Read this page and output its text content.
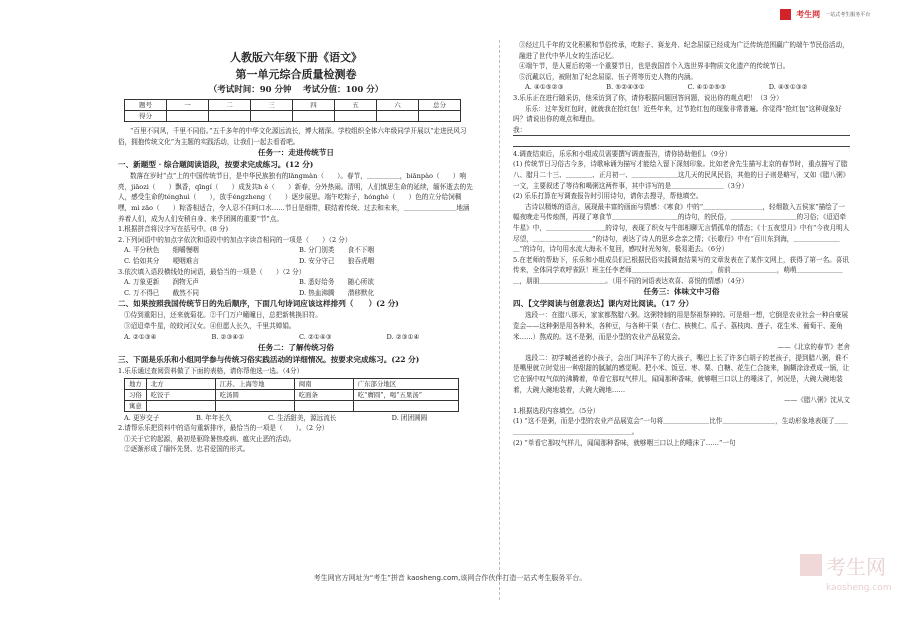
考生网 一站式考生服务平台
人教版六年级下册《语文》
第一单元综合质量检测卷
（考试时间：90 分钟　 考试分值：100 分）
题号	一	二	三	四	五	六	总分
得分							

“百里不同风，千里不同俗。”五千多年的中华文化源远流长，博大精深。学校组织全体六年级同学开展以“走进民风习俗，拥抱传统文化”为主题的实践活动，让我们一起去看看吧。

任务一：走进传统节日
一、新题型 · 综合题阅读语段，按要求完成练习。(12 分)

数落在岁时“点”上的中国传统节日，是中华民族独有的lǎngmàn（　　）。春节，＿＿＿＿＿，biānpào（　　）响亮，jiāozi（　　）飘香，qīngí（　　）成发共h ě（　　）新春，分外热闹。清明，人们慎思生命的延续，缅怀逝去的先人，感受生命的ténghuì（　　），放手éngzheng（　　）逐步展思。端午吃粽子，hónghè（　　）色的立分给饲稠嘿，mì zāo（　　）粽香相适合，令人忍不住呵口水……节日是细带，联结着传统、过去和未来，＿＿＿＿＿＿＿＿地涵养着人们，成为人们安稍自身、来乎团圆的重要“节”点。

1.根据拼音将汉字写在括号中。(8 分)

2.下列词语中的加点字依次和语段中的加点字读音相同的一项是（　　）（2 分）

A. 平分秋色　　细嚼慢咽	B. 分门别类　　食不下咽
C. 恰如其分　　哽咽难言	D. 安分守己　　狼吞虎咽

3.依次填入语段横线处的词语，最恰当的一项是（　　）（2 分）

A. 万象更新　　润物无声	B. 悉好给务　　随心所欲
C. 万不得已　　截然不同	D. 热血沸腾　　潜移默化
二、如果按照我国传统节日的先后顺序，下面几句诗词应该这样排列（　　）(2 分)

①侍到重阳日，还来就菊花。②千门万户曈曈日，总把新桃换旧符。

③迢迢牵牛星，皎皎河汉女。④但愿人长久，千里共婵娟。

A. ②①③④	B. ②③④①	C. ②①④③	D. ②③①④
任务二：了解传统习俗
三、下面是乐乐和小组同学参与传统习俗实践活动的详细情况。按要求完成练习。(22 分)

1.乐乐通过查阅资料做了下面的表格，请你帮他选一选。（4分）

地方	北方	江苏、上海等地	闽南	广东部分地区
习俗	吃饺子	吃汤圆	吃面条	吃“膺圆”，喝“五果汤”
寓意				
A. 更岁交子	B. 年年长久	C. 生活甜美，源远流长	D. 团团圆圆

2.请帮乐乐把资料中的语句重新排序，最恰当的一项是（　　）。（2 分）

①关于它的起源，最初是驱除暑热疫病、瘟灾止恶的活动。

②逐渐形成了缅怀先贤、忠君爱国的形式。

③经过几千年的文化积累和节俗传承，吃粽子、赛龙舟、纪念屈原已经成为广泛传统范围赢广的端午节民俗活动，融进了世代中华儿女的生活记忆。

④端午节，是人夏后的第一个重要节日，也是我国首个入选世界非物质文化遗产的传统节日。

⑤沉戴以后，被附加了纪念屈原、伍子胥等历史人物的内涵。

A. ④①⑤②③	B. ⑤②④③①	C. ④①②⑤③	D. ④⑤①③②

3.乐乐正在进行随采访，他采访到了你，请你根据问题回答问题，说出你的观点吧！（3 分）

乐乐：过年发红包时，就就我在抢红包！近些年来，过节抢红包的现象非常普遍。你觉得“抢红包”这种现象好吗？请说出你的观点和理由。

我：

4.调查结束后，乐乐和小组成员需要撰写调查报告，请你协助他们。（9分）

(1) 传统节日习俗古今多，诗歌咏诵为描写才能绘入留下深刻印象。比如老舍先生描写北京的春节时，重点描写了腊八、腊月二十三、＿＿＿＿、正月初一、＿＿＿＿＿＿＿这几天的民风民俗，其他的日子则是略写，又如《腊八粥》一文，主要叙述了等待和喝粥这两件事，其中详写的是＿＿＿＿＿＿＿＿（3分）

(2) 乐乐打算在写调查报告时引用诗句，请你去搜寻，帮他填空。

古诗以精炼的语言，展现最丰富的画面与情感：《寒食》中的“＿＿＿＿＿＿＿＿＿，轻烟散入五侯家”描绘了一幅夜晚走马传烛图，再现了寒食节＿＿＿＿＿＿＿＿＿＿的诗句，的民俗，＿＿＿＿＿＿＿＿＿＿的习俗；《迢迢牵牛星》中，＿＿＿＿＿＿＿＿＿的诗句，表现了织女与牛郎相聊无言情孤单的情态；《十五夜望月》中有“今夜月明人尽望，＿＿＿＿＿＿＿＿＿”的诗句，表达了诗人的思乡念亲之情；《长歌行》中有“百川东到海，＿＿＿＿＿＿＿＿”的诗句，诗句用水流大海永不复回，感叹时光匆匆，极易逝去。（6分）

5.在老师的帮助下，乐乐和小组成员们已根据民俗实践调查结果写的文章发表在了某作文网上，获得了第一名。喜讯传来，全体同学欢呼雀跃！班主任李老师＿＿＿＿＿＿＿＿＿＿＿＿，前前＿＿＿＿＿＿＿，萌萌＿＿＿＿＿＿＿＿，朋朋＿＿＿＿＿＿＿＿＿＿。（用不同的词语表达欢喜、喜悦的情感）（4分）

任务三：体味文中习俗
四、【文学阅读与创意表达】课内对比阅读。（17 分）

选段一：在腊八那天，家家都熬腊八粥。这粥特制的用是祭祖祭神的。可是细一想，它倒是农业社会一种自豪展览会——这种粥是用各种米，各种豆，与各种干果（杏仁、核桃仁、瓜子、荔枝肉、莲子、花生米、葡萄干、菱角米……）熬成的。这不是粥，而是小型的农业产品展览会。

——《北京的春节》老舍

选段二：初学喊爸爸的小孩子，会出门叫洋车了的大孩子，嘴巴上长了许多白胡子的老孩子，提到腊八粥，谁不是嘴里就立时觉出一种甜甜的腻腻的感觉呢。把小米、饭豆、枣、栗、白糖、花生仁合拢来，搁糊涂涂煮成一锅，让它在锅中叹气似的沸腾着，单看它那叹气样儿，闻闻那种香味，就够咽三口以上的唾沫了，何况是，大碗大碗地装着，大碗大碗地装着，大碗大碗地……

——《腊八粥》沈从文

1.根据选段内容填空。（5分）

(1) “这不是粥，而是小型的农业产品展览会”一句将＿＿＿＿＿＿＿比作＿＿＿＿＿＿＿＿，生动形象地表现了＿＿＿＿＿＿＿＿＿＿＿＿＿＿＿＿＿＿＿＿。

(2) “单看它那叹气样儿，闻闻那种香味，就够咽三口以上的唾沫了……”一句

考生网官方网址为“考生”拼音 kaosheng.com,该网合作伙伴打造一站式考生服务平台。	考生网
kaosheng.com
